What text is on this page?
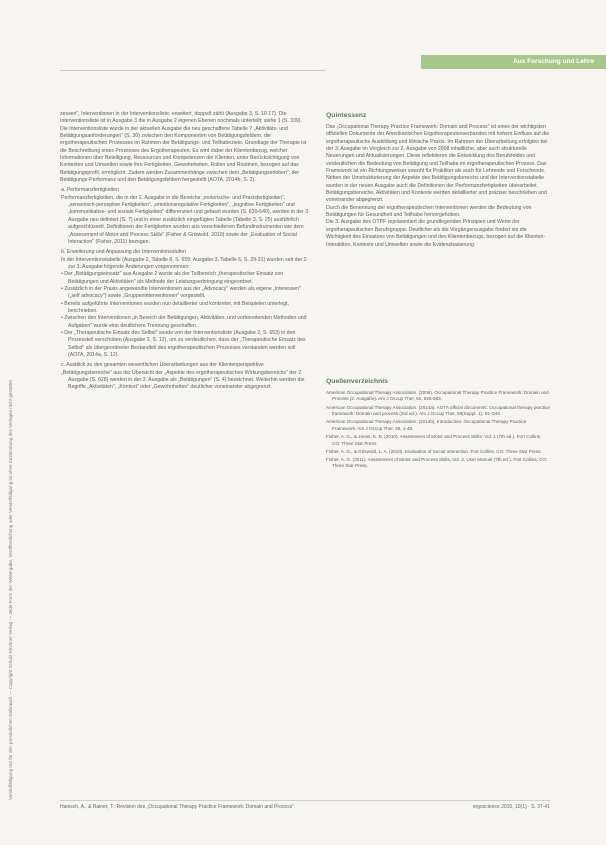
Aus Forschung und Lehre
Vervielfältigung nur für den persönlichen Gebrauch — Copyright Schulz-Kirchner Verlag — Jede Form der Weitergabe, Veröffentlichung oder Vervielfältigung ist ohne Zustimmung des Verlages nicht gestattet

zessen", Interventionen in der Interventionsliste, erweitert, doppelt zählt (Ausgabe 3, S. 10 17). Die Interventionsliste ist in Ausgabe 3 die in Ausgabe 2 eigenen Ebenen nochmals unterteilt; siehe 1 (S. 339). Die Interventionsliste wurde in der aktuellen Ausgabe die neu geschaffene Tabelle 7 „Aktivitäts- und Betätigungsanforderungen" (S. 30) zwischen den Komponenten von Betätigungsfeldern, die ergotherapeutischen Prozesses im Rahmen der Betätigungs- und Teilhabeziele. Grundlage der Therapie ist die Beschreibung eines Prozesses des Ergotherapeuten. Es wird dabei der Klientenbezug, welcher Informationen über Beteiligung, Ressourcen und Kompetenzen der Klienten, unter Berücksichtigung von Kontexten und Umwelten sowie ihre Fertigkeiten, Gewohnheiten, Rollen und Routinen, bezogen auf das Betätigungsprofil, ermöglicht. Zudem werden Zusammenhänge zwischen dem „Betätigungserleben", der Betätigungs-Performanz und den Betätigungsfeldern hergestellt (AOTA, 2014b, S. 2).

a. Performanzfertigkeiten

Performanzfertigkeiten, die in der 2. Ausgabe in die Bereiche „motorische- und Praxisfertigkeiten", „sensorisch-perzeptive Fertigkeiten", „emotionsregulative Fertigkeiten", „kognitive Fertigkeiten" und „kommunikative- und soziale Fertigkeiten" differenziert und gefasst wurden (S. 639-640), werden in der 3. Ausgabe neu definiert (S. 7) und in einer zusätzlich eingefügten Tabelle (Tabelle 3, S. 25) ausführlich aufgeschlüsselt. Definitionen der Fertigkeiten wurden aus verschiedenen Befundinstrumenten wie dem „Assessment of Motor and Process Skills" (Fisher & Griswold, 2010) sowie der „Evaluation of Social Interaction" (Fisher, 2011) bezogen.

b. Erweiterung und Anpassung der Interventionsstufen

In der Interventionstabelle (Ausgabe 2, Tabelle 8, S. 659; Ausgabe 3, Tabelle 6, S. 29-31) wurden seit der 2. zur 3. Ausgabe folgende Änderungen vorgenommen:

• Der „Betätigungseinsatz" aus Ausgabe 2 wurde als der Teilbereich „therapeutischer Einsatz von Betätigungen und Aktivitäten" als Methode der Leistungserbringung eingeordnet.

• Zusätzlich in der Praxis angewandte Interventionen aus der „Advocacy" werden als eigene „Interessen" („self advocacy") sowie „Gruppeninterventionen" vorgestellt.

• Bereits aufgeführte Interventionen wurden nun detaillierter und konkreter, mit Beispielen unterlegt, beschrieben.

• Zwischen den Interventionen „in Bereich der Betätigungen, Aktivitäten, und vorbereitenden Methoden und Aufgaben" wurde eine deutlichere Trennung geschaffen.

• Der „Therapeutische Einsatz des Selbst" wurde von der Interventionsliste (Ausgabe 2, S. 653) in den Prozessteil verschoben (Ausgabe 3, S. 12), um zu verdeutlichen, dass der „Therapeutische Einsatz des Selbst" als übergeordneter Bestandteil des ergotherapeutischen Prozesses verstanden werden soll (AOTA, 2014a, S. 12).

c. Ausblick zu den gesamten wesentlichen Überarbeitungen aus der Klientenperspektive

„Betätigungsbereiche" aus der Übersicht der „Aspekte des ergotherapeutischen Wirkungsbereichs" der 2. Ausgabe (S. 628) werden in der 3. Ausgabe als „Betätigungen" (S. 4) bezeichnet. Weiterhin werden die Begriffe „Aktivitäten", „Kontext" oder „Gewohnheiten" deutlicher voneinander abgegrenzt.

Quintessenz

Das „Occupational Therapy Practice Framework: Domain and Process" ist eines der wichtigsten offiziellen Dokumente der Amerikanischen Ergotherapeutenverbandes mit hohem Einfluss auf die ergotherapeutische Ausbildung und klinische Praxis. Im Rahmen der Überarbeitung erfolgten bei der 3. Ausgabe im Vergleich zur 2. Ausgabe von 2008 inhaltliche, aber auch strukturelle Neuerungen und Aktualisierungen. Diese reflektieren die Entwicklung des Berufsfeldes und verdeutlichen die Bedeutung von Betätigung und Teilhabe im ergotherapeutischen Prozess. Das Framework ist ein Richtungsweiser sowohl für Praktiker als auch für Lehrende und Forschende.

Neben der Umstrukturierung der Aspekte des Betätigungsbereichs und der Interventionstabelle wurden in der neuen Ausgabe auch die Definitionen der Performanzfertigkeiten überarbeitet. Betätigungsbereiche, Aktivitäten und Kontexte werden detaillierter und präziser beschrieben und voneinander abgegrenzt.

Durch die Benennung der ergotherapeutischen Interventionen werden die Bedeutung von Betätigungen für Gesundheit und Teilhabe hervorgehoben.

Die 3. Ausgabe des OTPF repräsentiert die grundlegenden Prinzipien und Werte der ergotherapeutischen Berufsgruppe. Deutlicher als die Vorgängerausgabe fördert sie die Wichtigkeit des Einsatzes von Betätigungen und des Klientenbezugs, bezogen auf die Klienten-Interaktion, Kontexte und Umwelten sowie die Evidenzbasierung.

Quellenverzeichnis

American Occupational Therapy Association. (2008). Occupational Therapy Practice Framework: Domain and Process (2. Ausgabe). Am J Occup Ther, 62, 625-683.

American Occupational Therapy Association. (2014a). AOTA official documents: Occupational therapy practice framework: Domain and process (3rd ed.). Am J Occup Ther, 68(Suppl. 1), S1-S48.

American Occupational Therapy Association. (2014b). Introduction: Occupational Therapy Practice Framework. Am J Occup Ther, 68, 1-48.

Fisher, A. G., & Jones, K. B. (2010). Assessment of Motor and Process Skills: Vol. 1 (7th ed.). Fort Collins, CO: Three Star Press.

Fisher, A. G., & Griswold, L. A. (2010). Evaluation of Social Interaction. Fort Collins, CO: Three Star Press.

Fisher, A. G. (2011). Assessment of Motor and Process Skills, Vol. 2. User Manual (7th ed.). Fort Collins, CO: Three Star Press.

Hanisch, A., & Rainer, T.: Revision des „Occupational Therapy Practice Framework: Domain and Process"	ergoscience 2015, 10(1) · S. 37-41
